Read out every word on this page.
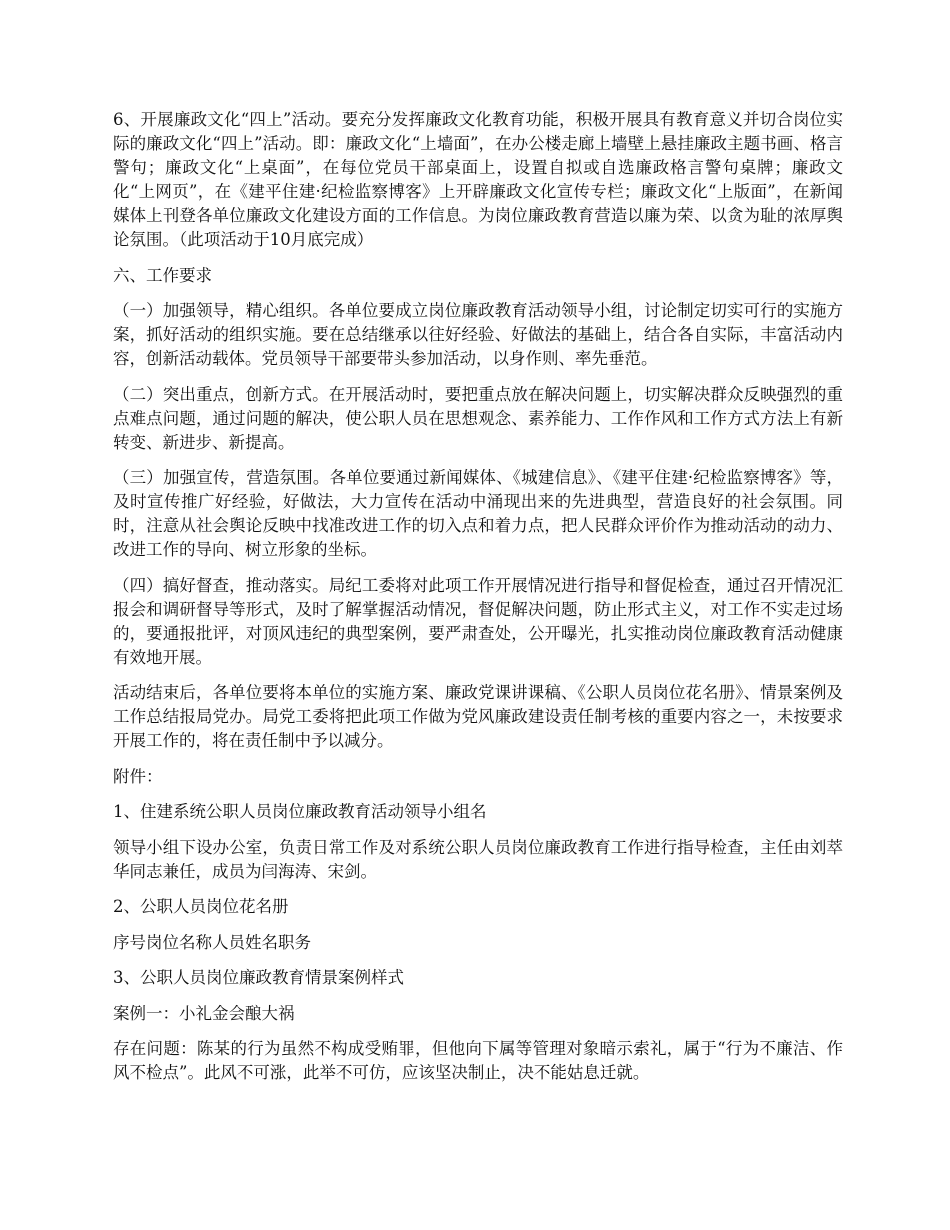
6、开展廉政文化“四上”活动。要充分发挥廉政文化教育功能，积极开展具有教育意义并切合岗位实际的廉政文化“四上”活动。即：廉政文化“上墙面”，在办公楼走廊上墙壁上悬挂廉政主题书画、格言警句；廉政文化“上桌面”，在每位党员干部桌面上，设置自拟或自选廉政格言警句桌牌；廉政文化“上网页”，在《建平住建·纪检监察博客》上开辟廉政文化宣传专栏；廉政文化“上版面”，在新闻媒体上刊登各单位廉政文化建设方面的工作信息。为岗位廉政教育营造以廉为荣、以贪为耻的浓厚舆论氛围。（此项活动于10月底完成）

六、工作要求

（一）加强领导，精心组织。各单位要成立岗位廉政教育活动领导小组，讨论制定切实可行的实施方案，抓好活动的组织实施。要在总结继承以往好经验、好做法的基础上，结合各自实际，丰富活动内容，创新活动载体。党员领导干部要带头参加活动，以身作则、率先垂范。

（二）突出重点，创新方式。在开展活动时，要把重点放在解决问题上，切实解决群众反映强烈的重点难点问题，通过问题的解决，使公职人员在思想观念、素养能力、工作作风和工作方式方法上有新转变、新进步、新提高。

（三）加强宣传，营造氛围。各单位要通过新闻媒体、《城建信息》、《建平住建·纪检监察博客》等，及时宣传推广好经验，好做法，大力宣传在活动中涌现出来的先进典型，营造良好的社会氛围。同时，注意从社会舆论反映中找准改进工作的切入点和着力点，把人民群众评价作为推动活动的动力、改进工作的导向、树立形象的坐标。

（四）搞好督查，推动落实。局纪工委将对此项工作开展情况进行指导和督促检查，通过召开情况汇报会和调研督导等形式，及时了解掌握活动情况，督促解决问题，防止形式主义，对工作不实走过场的，要通报批评，对顶风违纪的典型案例，要严肃查处，公开曝光，扎实推动岗位廉政教育活动健康有效地开展。

活动结束后，各单位要将本单位的实施方案、廉政党课讲课稿、《公职人员岗位花名册》、情景案例及工作总结报局党办。局党工委将把此项工作做为党风廉政建设责任制考核的重要内容之一，未按要求开展工作的，将在责任制中予以减分。

附件：

1、住建系统公职人员岗位廉政教育活动领导小组名

领导小组下设办公室，负责日常工作及对系统公职人员岗位廉政教育工作进行指导检查，主任由刘萃华同志兼任，成员为闫海涛、宋剑。

2、公职人员岗位花名册

序号岗位名称人员姓名职务

3、公职人员岗位廉政教育情景案例样式

案例一：小礼金会酿大祸

存在问题：陈某的行为虽然不构成受贿罪，但他向下属等管理对象暗示索礼，属于“行为不廉洁、作风不检点”。此风不可涨，此举不可仿，应该坚决制止，决不能姑息迁就。
